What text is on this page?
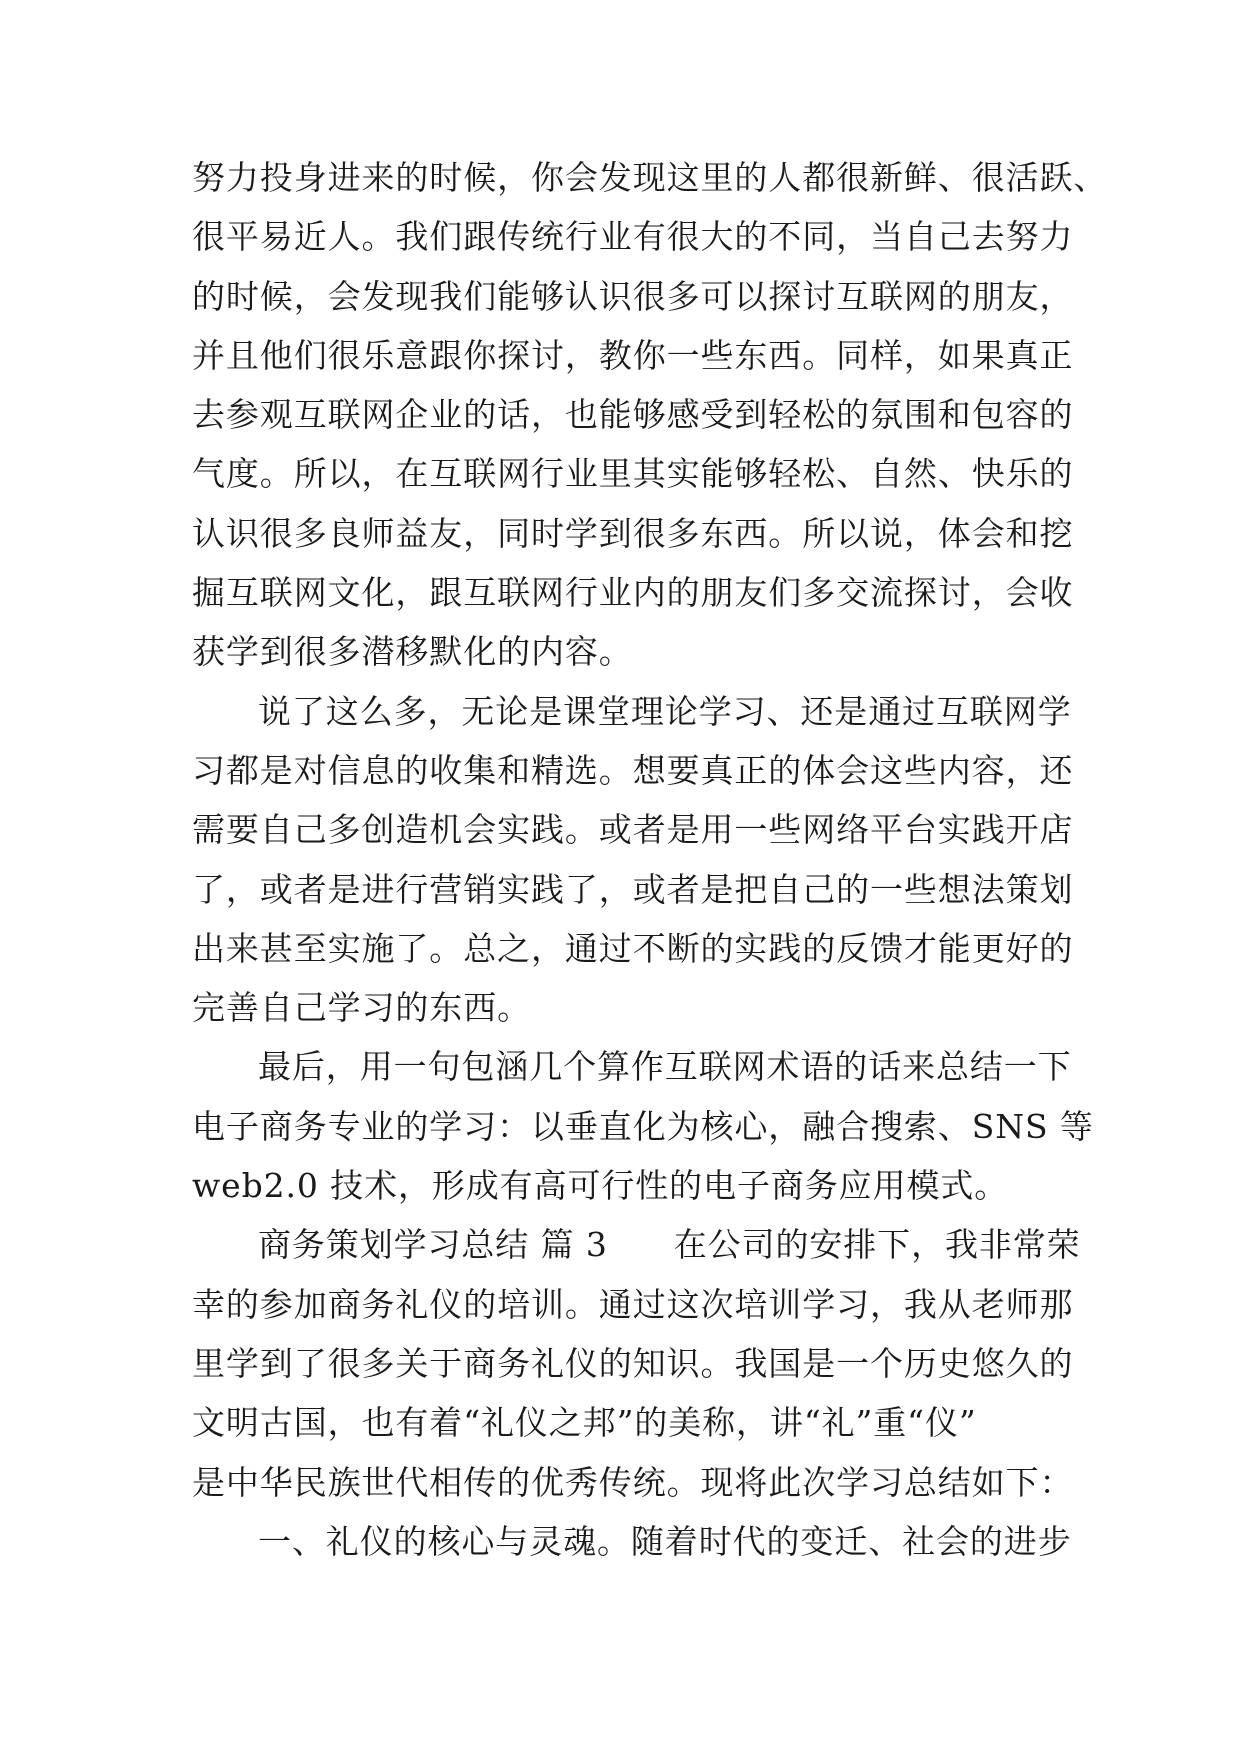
努力投身进来的时候，你会发现这里的人都很新鲜、很活跃、
很平易近人。我们跟传统行业有很大的不同，当自己去努力
的时候，会发现我们能够认识很多可以探讨互联网的朋友，
并且他们很乐意跟你探讨，教你一些东西。同样，如果真正
去参观互联网企业的话，也能够感受到轻松的氛围和包容的
气度。所以，在互联网行业里其实能够轻松、自然、快乐的
认识很多良师益友，同时学到很多东西。所以说，体会和挖
掘互联网文化，跟互联网行业内的朋友们多交流探讨，会收
获学到很多潜移默化的内容。
说了这么多，无论是课堂理论学习、还是通过互联网学
习都是对信息的收集和精选。想要真正的体会这些内容，还
需要自己多创造机会实践。或者是用一些网络平台实践开店
了，或者是进行营销实践了，或者是把自己的一些想法策划
出来甚至实施了。总之，通过不断的实践的反馈才能更好的
完善自己学习的东西。
最后，用一句包涵几个算作互联网术语的话来总结一下
电子商务专业的学习：以垂直化为核心，融合搜索、SNS 等
web2.0 技术，形成有高可行性的电子商务应用模式。
商务策划学习总结 篇 3 在公司的安排下，我非常荣
幸的参加商务礼仪的培训。通过这次培训学习，我从老师那
里学到了很多关于商务礼仪的知识。我国是一个历史悠久的
文明古国，也有着“礼仪之邦”的美称，讲“礼”重“仪”
是中华民族世代相传的优秀传统。现将此次学习总结如下：
一、礼仪的核心与灵魂。随着时代的变迁、社会的进步
